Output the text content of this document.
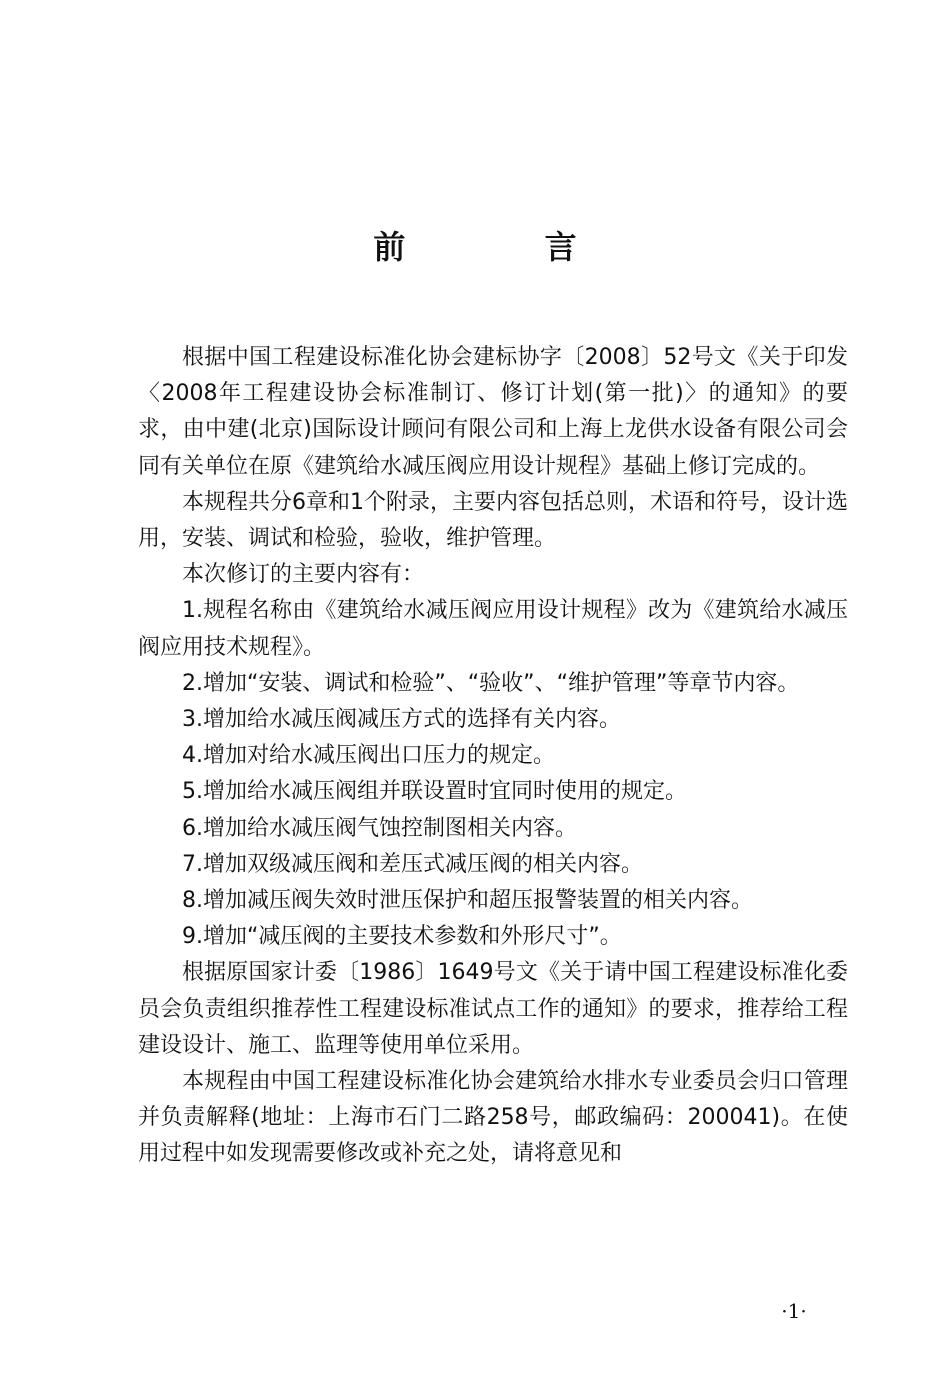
前 言

根据中国工程建设标准化协会建标协字〔2008〕52号文《关于印发〈2008年工程建设协会标准制订、修订计划(第一批)〉的通知》的要求，由中建(北京)国际设计顾问有限公司和上海上龙供水设备有限公司会同有关单位在原《建筑给水减压阀应用设计规程》基础上修订完成的。

本规程共分6章和1个附录，主要内容包括总则，术语和符号，设计选用，安装、调试和检验，验收，维护管理。

本次修订的主要内容有：

1.规程名称由《建筑给水减压阀应用设计规程》改为《建筑给水减压阀应用技术规程》。

2.增加“安装、调试和检验”、“验收”、“维护管理”等章节内容。

3.增加给水减压阀减压方式的选择有关内容。

4.增加对给水减压阀出口压力的规定。

5.增加给水减压阀组并联设置时宜同时使用的规定。

6.增加给水减压阀气蚀控制图相关内容。

7.增加双级减压阀和差压式减压阀的相关内容。

8.增加减压阀失效时泄压保护和超压报警装置的相关内容。

9.增加“减压阀的主要技术参数和外形尺寸”。

根据原国家计委〔1986〕1649号文《关于请中国工程建设标准化委员会负责组织推荐性工程建设标准试点工作的通知》的要求，推荐给工程建设设计、施工、监理等使用单位采用。

本规程由中国工程建设标准化协会建筑给水排水专业委员会归口管理并负责解释(地址：上海市石门二路258号，邮政编码：200041)。在使用过程中如发现需要修改或补充之处，请将意见和

·1·
